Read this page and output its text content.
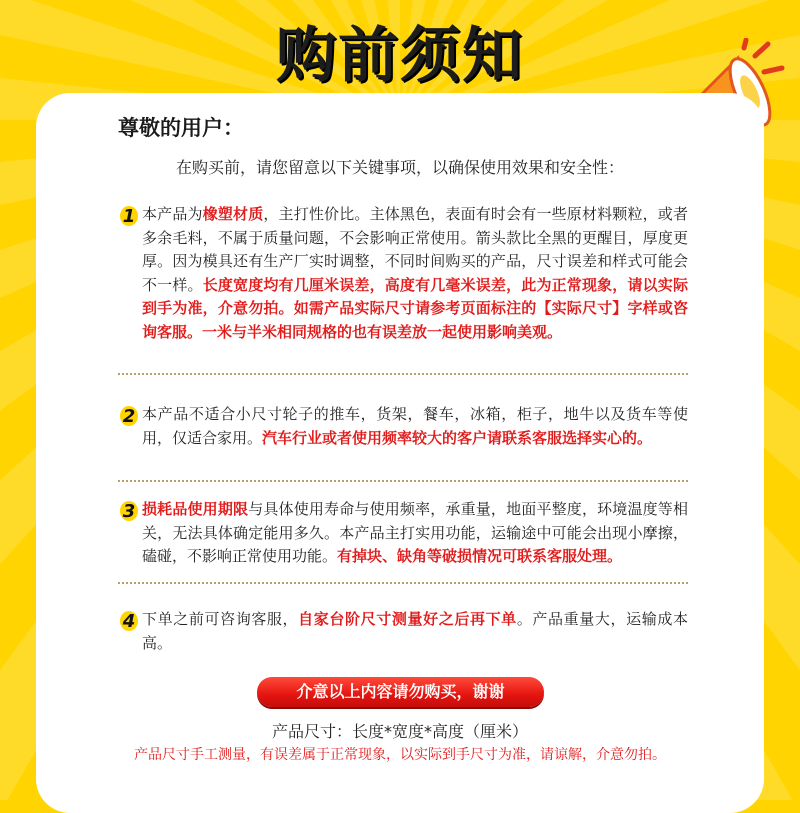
购前须知
尊敬的用户：
在购买前，请您留意以下关键事项，以确保使用效果和安全性：
1 本产品为橡塑材质，主打性价比。主体黑色，表面有时会有一些原材料颗粒，或者多余毛料，不属于质量问题，不会影响正常使用。箭头款比全黑的更醒目，厚度更厚。因为模具还有生产厂实时调整，不同时间购买的产品，尺寸误差和样式可能会不一样。长度宽度均有几厘米误差，高度有几毫米误差，此为正常现象，请以实际到手为准，介意勿拍。如需产品实际尺寸请参考页面标注的【实际尺寸】字样或咨询客服。一米与半米相同规格的也有误差放一起使用影响美观。

2 本产品不适合小尺寸轮子的推车，货架，餐车，冰箱，柜子，地牛以及货车等使用，仅适合家用。汽车行业或者使用频率较大的客户请联系客服选择实心的。

3 损耗品使用期限与具体使用寿命与使用频率，承重量，地面平整度，环境温度等相关，无法具体确定能用多久。本产品主打实用功能，运输途中可能会出现小摩擦，磕碰，不影响正常使用功能。有掉块、缺角等破损情况可联系客服处理。

4 下单之前可咨询客服，自家台阶尺寸测量好之后再下单。产品重量大，运输成本高。

介意以上内容请勿购买，谢谢
产品尺寸：长度*宽度*高度（厘米）
产品尺寸手工测量，有误差属于正常现象，以实际到手尺寸为准，请谅解，介意勿拍。
